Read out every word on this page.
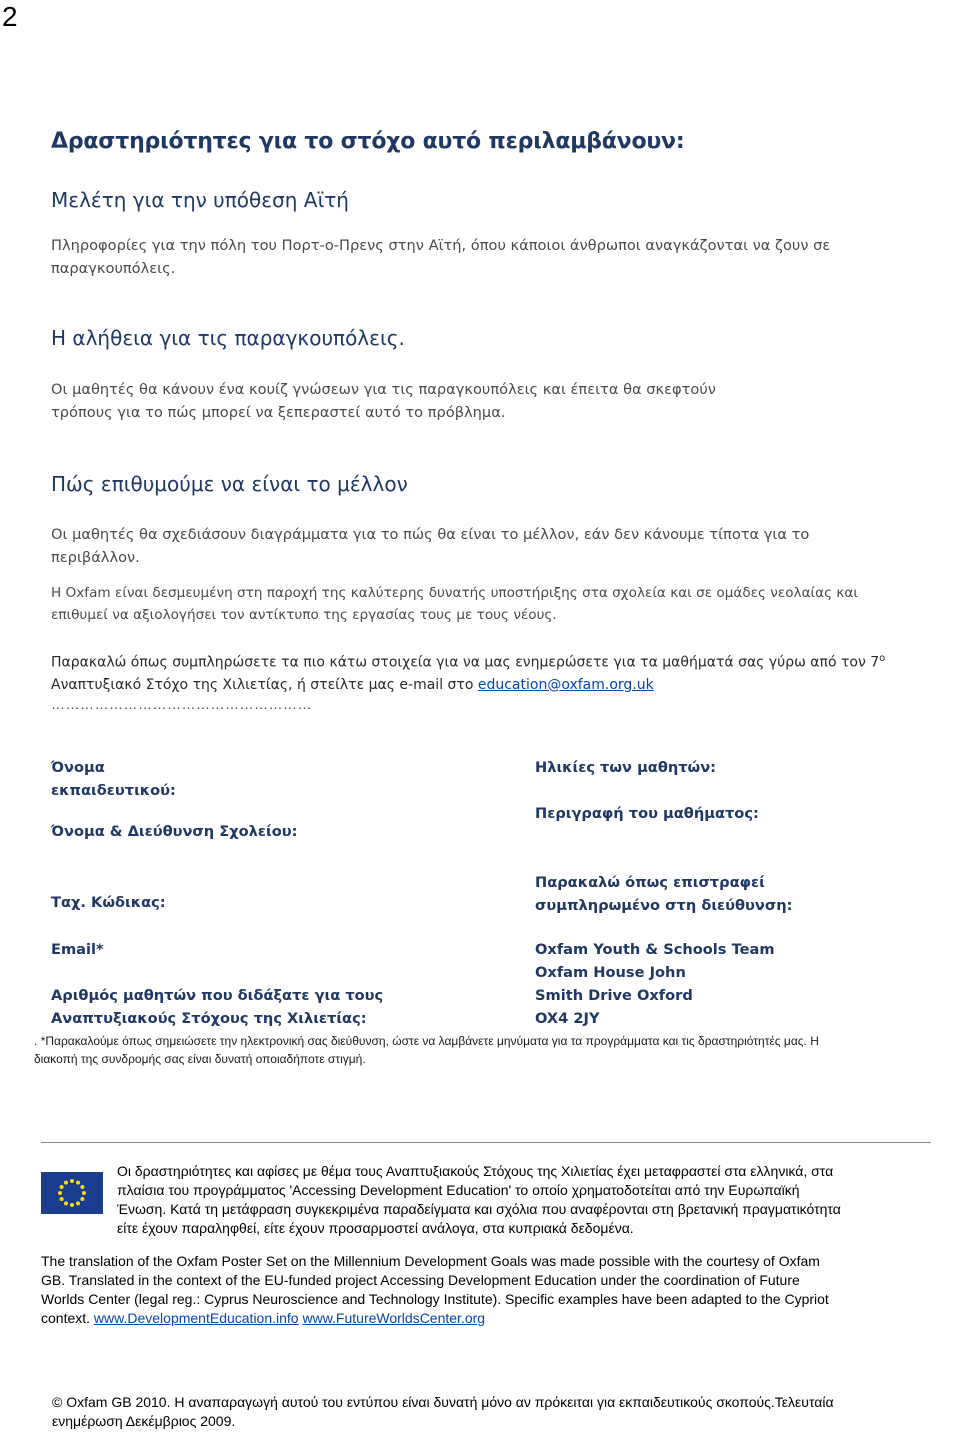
2
Δραστηριότητες για το στόχο αυτό περιλαμβάνουν:
Μελέτη για την υπόθεση Αϊτή
Πληροφορίες για την πόλη του Πορτ-ο-Πρενς στην Αϊτή, όπου κάποιοι άνθρωποι αναγκάζονται να ζουν σε
παραγκουπόλεις.
Η αλήθεια για τις παραγκουπόλεις.
Οι μαθητές θα κάνουν ένα κουίζ γνώσεων για τις παραγκουπόλεις και έπειτα θα σκεφτούν
τρόπους για το πώς μπορεί να ξεπεραστεί αυτό το πρόβλημα.
Πώς επιθυμούμε να είναι το μέλλον
Οι μαθητές θα σχεδιάσουν διαγράμματα για το πώς θα είναι το μέλλον, εάν δεν κάνουμε τίποτα για το
περιβάλλον.
Η Oxfam είναι δεσμευμένη στη παροχή της καλύτερης δυνατής υποστήριξης στα σχολεία και σε ομάδες νεολαίας και
επιθυμεί να αξιολογήσει τον αντίκτυπο της εργασίας τους με τους νέους.
Παρακαλώ όπως συμπληρώσετε τα πιο κάτω στοιχεία για να μας ενημερώσετε για τα μαθήματά σας γύρω από τον $7^o$
Αναπτυξιακό Στόχο της Χιλιετίας, ή στείλτε μας e-mail στο education@oxfam.org.uk
………………………………………………
Όνομα
εκπαιδευτικού:
Όνομα & Διεύθυνση Σχολείου:
Ταχ. Κώδικας:
Email*
Αριθμός μαθητών που διδάξατε για τους
Αναπτυξιακούς Στόχους της Χιλιετίας:
Ηλικίες των μαθητών:
Περιγραφή του μαθήματος:
Παρακαλώ όπως επιστραφεί
συμπληρωμένο στη διεύθυνση:
Oxfam Youth & Schools Team
Oxfam House John
Smith Drive Oxford
OX4 2JY
. *Παρακαλούμε όπως σημειώσετε την ηλεκτρονική σας διεύθυνση, ώστε να λαμβάνετε μηνύματα για τα προγράμματα και τις δραστηριότητές μας. Η
διακοπή της συνδρομής σας είναι δυνατή οποιαδήποτε στιγμή.
Οι δραστηριότητες και αφίσες με θέμα τους Αναπτυξιακούς Στόχους της Χιλιετίας έχει μεταφραστεί στα ελληνικά, στα
πλαίσια του προγράμματος 'Accessing Development Education' το οποίο χρηματοδοτείται από την Ευρωπαϊκή
Ένωση. Κατά τη μετάφραση συγκεκριμένα παραδείγματα και σχόλια που αναφέρονται στη βρετανική πραγματικότητα
είτε έχουν παραληφθεί, είτε έχουν προσαρμοστεί ανάλογα, στα κυπριακά δεδομένα.
The translation of the Oxfam Poster Set on the Millennium Development Goals was made possible with the courtesy of Oxfam
GB. Translated in the context of the EU-funded project Accessing Development Education under the coordination of Future
Worlds Center (legal reg.: Cyprus Neuroscience and Technology Institute). Specific examples have been adapted to the Cypriot
context. www.DevelopmentEducation.info www.FutureWorldsCenter.org
© Oxfam GB 2010. Η αναπαραγωγή αυτού του εντύπου είναι δυνατή μόνο αν πρόκειται για εκπαιδευτικούς σκοπούς.Τελευταία
ενημέρωση Δεκέμβριος 2009.
